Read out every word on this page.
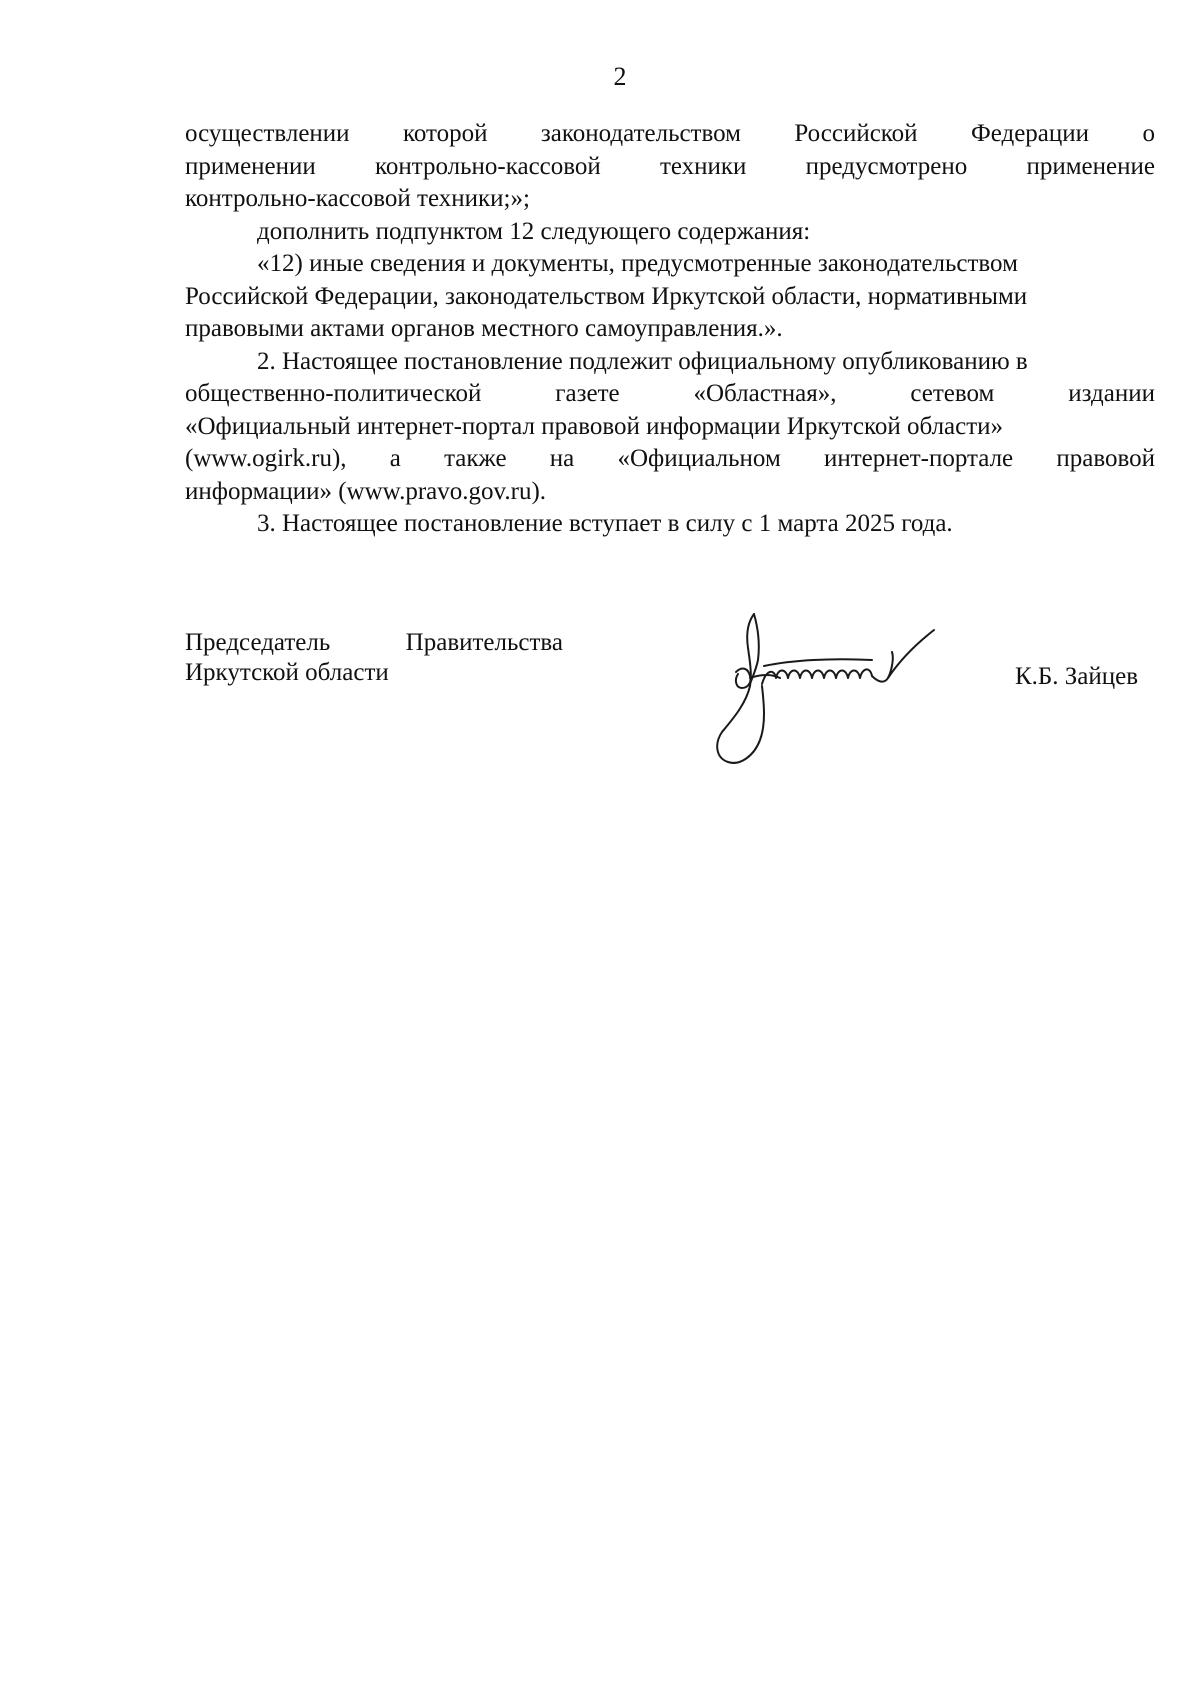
2
осуществлении которой законодательством Российской Федерации о
применении контрольно-кассовой техники предусмотрено применение
контрольно-кассовой техники;»;
дополнить подпунктом 12 следующего содержания:
«12) иные сведения и документы, предусмотренные законодательством
Российской Федерации, законодательством Иркутской области, нормативными
правовыми актами органов местного самоуправления.».
2. Настоящее постановление подлежит официальному опубликованию в
общественно-политической	газете	«Областная»,	сетевом	издании
«Официальный интернет-портал правовой информации Иркутской области»
(www.ogirk.ru), а также на «Официальном интернет-портале правовой
информации» (www.pravo.gov.ru).
3. Настоящее постановление вступает в силу с 1 марта 2025 года.
Председатель	Правительства
Иркутской области	К.Б. Зайцев
